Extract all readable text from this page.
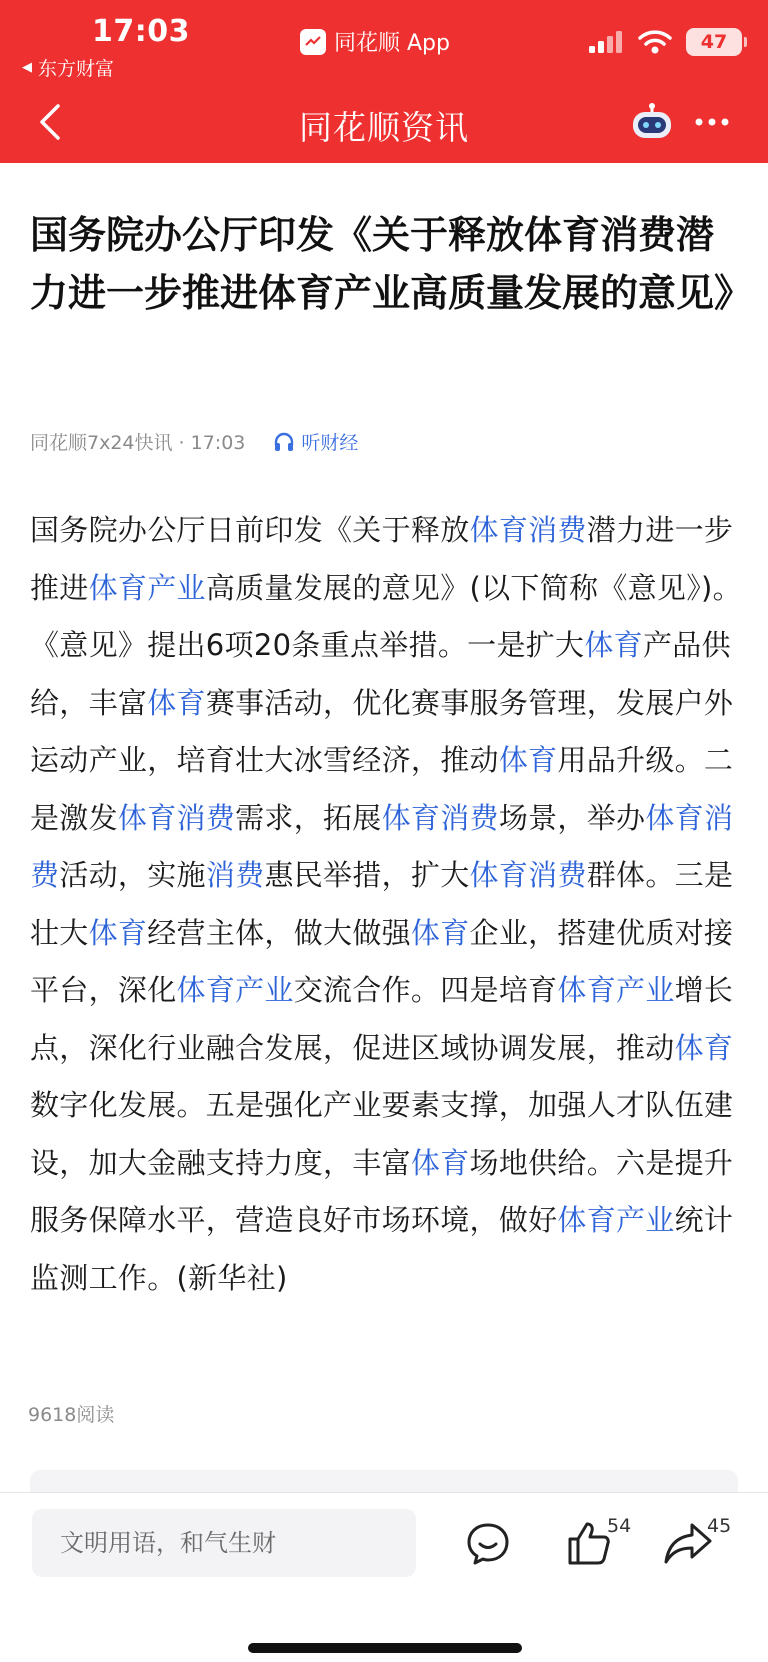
17:03
◀ 东方财富
同花顺 App	47
同花顺资讯
国务院办公厅印发《关于释放体育消费潜力进一步推进体育产业高质量发展的意见》
同花顺7x24快讯 · 17:03	听财经
国务院办公厅日前印发《关于释放体育消费潜力进一步推进体育产业高质量发展的意见》(以下简称《意见》)。《意见》提出6项20条重点举措。一是扩大体育产品供给，丰富体育赛事活动，优化赛事服务管理，发展户外运动产业，培育壮大冰雪经济，推动体育用品升级。二是激发体育消费需求，拓展体育消费场景，举办体育消费活动，实施消费惠民举措，扩大体育消费群体。三是壮大体育经营主体，做大做强体育企业，搭建优质对接平台，深化体育产业交流合作。四是培育体育产业增长点，深化行业融合发展，促进区域协调发展，推动体育数字化发展。五是强化产业要素支撑，加强人才队伍建设，加大金融支持力度，丰富体育场地供给。六是提升服务保障水平，营造良好市场环境，做好体育产业统计监测工作。(新华社)
9618阅读
文明用语，和气生财
54	45
